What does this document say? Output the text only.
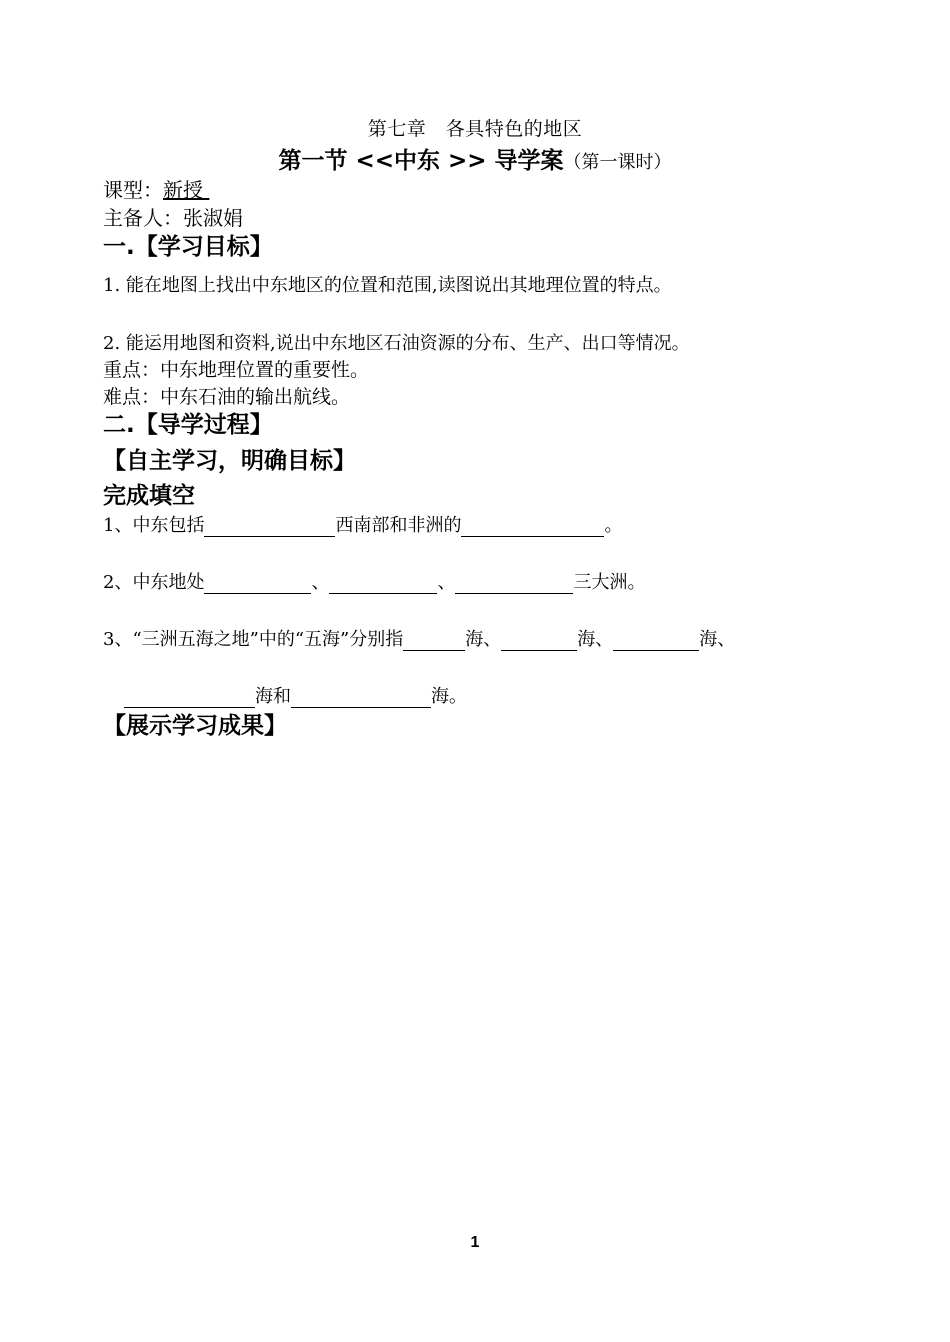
第七章　各具特色的地区
第一节 <<中东 >> 导学案（第一课时）
课型：新授
主备人：张淑娟
一.【学习目标】
1. 能在地图上找出中东地区的位置和范围,读图说出其地理位置的特点。
2. 能运用地图和资料,说出中东地区石油资源的分布、生产、出口等情况。
重点：中东地理位置的重要性。
难点：中东石油的输出航线。
二.【导学过程】
【自主学习，明确目标】
完成填空
1、中东包括	西南部和非洲的	。
2、中东地处	、	、	三大洲。
3、“三洲五海之地”中的“五海”分别指	海、	海、	海、
海和	海。
【展示学习成果】
1
